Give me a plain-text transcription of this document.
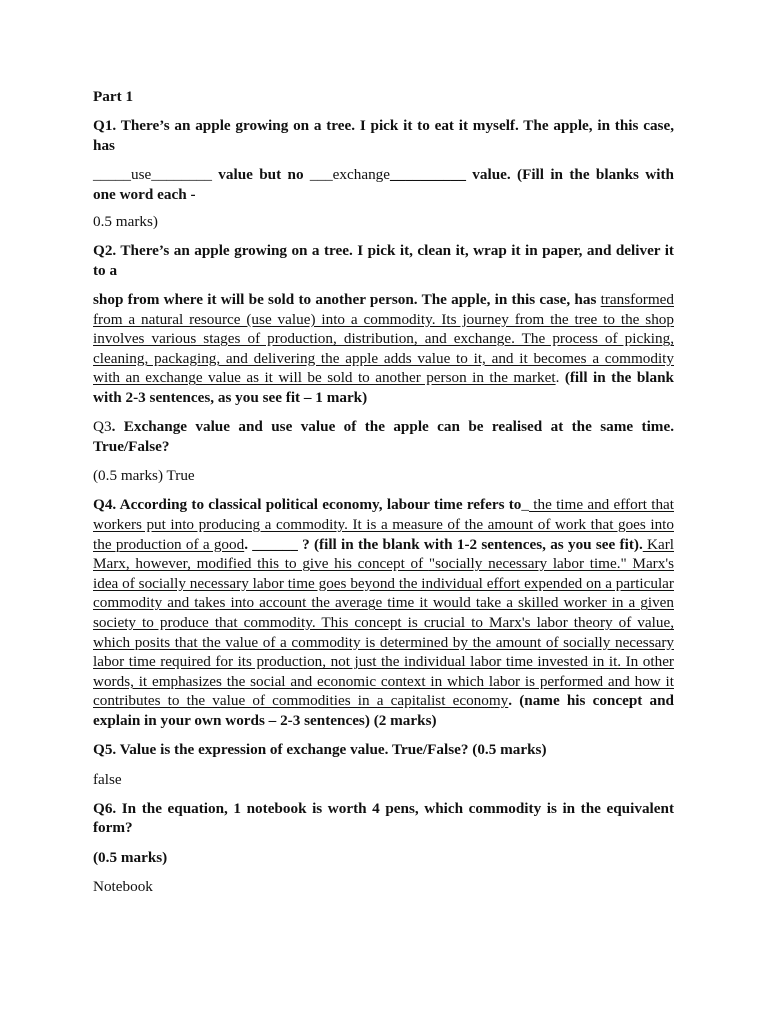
Part 1

Q1. There’s an apple growing on a tree. I pick it to eat it myself. The apple, in this case, has

_____use________ value but no ___exchange__________ value. (Fill in the blanks with one word each -

0.5 marks)

Q2. There’s an apple growing on a tree. I pick it, clean it, wrap it in paper, and deliver it to a

shop from where it will be sold to another person. The apple, in this case, has transformed from a natural resource (use value) into a commodity. Its journey from the tree to the shop involves various stages of production, distribution, and exchange. The process of picking, cleaning, packaging, and delivering the apple adds value to it, and it becomes a commodity with an exchange value as it will be sold to another person in the market. (fill in the blank with 2-3 sentences, as you see fit – 1 mark)

Q3. Exchange value and use value of the apple can be realised at the same time. True/False?

(0.5 marks) True

Q4. According to classical political economy, labour time refers to_ the time and effort that workers put into producing a commodity. It is a measure of the amount of work that goes into the production of a good. ______ ? (fill in the blank with 1-2 sentences, as you see fit). Karl Marx, however, modified this to give his concept of "socially necessary labor time." Marx's idea of socially necessary labor time goes beyond the individual effort expended on a particular commodity and takes into account the average time it would take a skilled worker in a given society to produce that commodity. This concept is crucial to Marx's labor theory of value, which posits that the value of a commodity is determined by the amount of socially necessary labor time required for its production, not just the individual labor time invested in it. In other words, it emphasizes the social and economic context in which labor is performed and how it contributes to the value of commodities in a capitalist economy. (name his concept and explain in your own words – 2-3 sentences) (2 marks)

Q5. Value is the expression of exchange value. True/False? (0.5 marks)

false

Q6. In the equation, 1 notebook is worth 4 pens, which commodity is in the equivalent form?

(0.5 marks)

Notebook
